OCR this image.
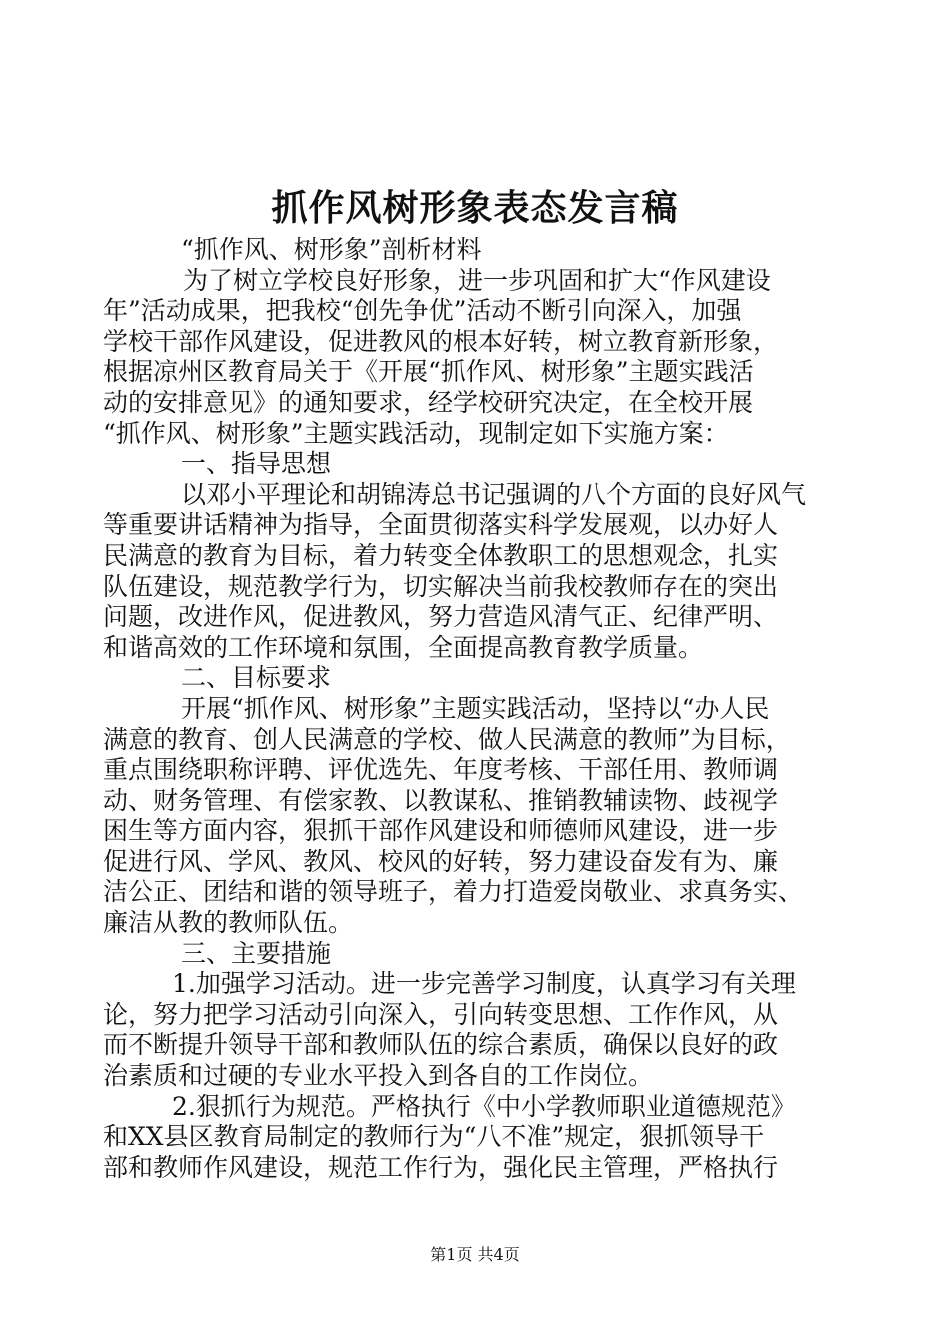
抓作风树形象表态发言稿

“抓作风、树形象”剖析材料

为了树立学校良好形象，进一步巩固和扩大“作风建设

年”活动成果，把我校“创先争优”活动不断引向深入，加强

学校干部作风建设，促进教风的根本好转，树立教育新形象，

根据凉州区教育局关于《开展“抓作风、树形象”主题实践活

动的安排意见》的通知要求，经学校研究决定，在全校开展

“抓作风、树形象”主题实践活动，现制定如下实施方案：

一、指导思想

以邓小平理论和胡锦涛总书记强调的八个方面的良好风气

等重要讲话精神为指导，全面贯彻落实科学发展观，以办好人

民满意的教育为目标，着力转变全体教职工的思想观念，扎实

队伍建设，规范教学行为，切实解决当前我校教师存在的突出

问题，改进作风，促进教风，努力营造风清气正、纪律严明、

和谐高效的工作环境和氛围，全面提高教育教学质量。

二、目标要求

开展“抓作风、树形象”主题实践活动，坚持以“办人民

满意的教育、创人民满意的学校、做人民满意的教师”为目标，

重点围绕职称评聘、评优选先、年度考核、干部任用、教师调

动、财务管理、有偿家教、以教谋私、推销教辅读物、歧视学

困生等方面内容，狠抓干部作风建设和师德师风建设，进一步

促进行风、学风、教风、校风的好转，努力建设奋发有为、廉

洁公正、团结和谐的领导班子，着力打造爱岗敬业、求真务实、

廉洁从教的教师队伍。

三、主要措施

1.加强学习活动。进一步完善学习制度，认真学习有关理

论，努力把学习活动引向深入，引向转变思想、工作作风，从

而不断提升领导干部和教师队伍的综合素质，确保以良好的政

治素质和过硬的专业水平投入到各自的工作岗位。

2.狠抓行为规范。严格执行《中小学教师职业道德规范》

和XX县区教育局制定的教师行为“八不准”规定，狠抓领导干

部和教师作风建设，规范工作行为，强化民主管理，严格执行

第1页 共4页
